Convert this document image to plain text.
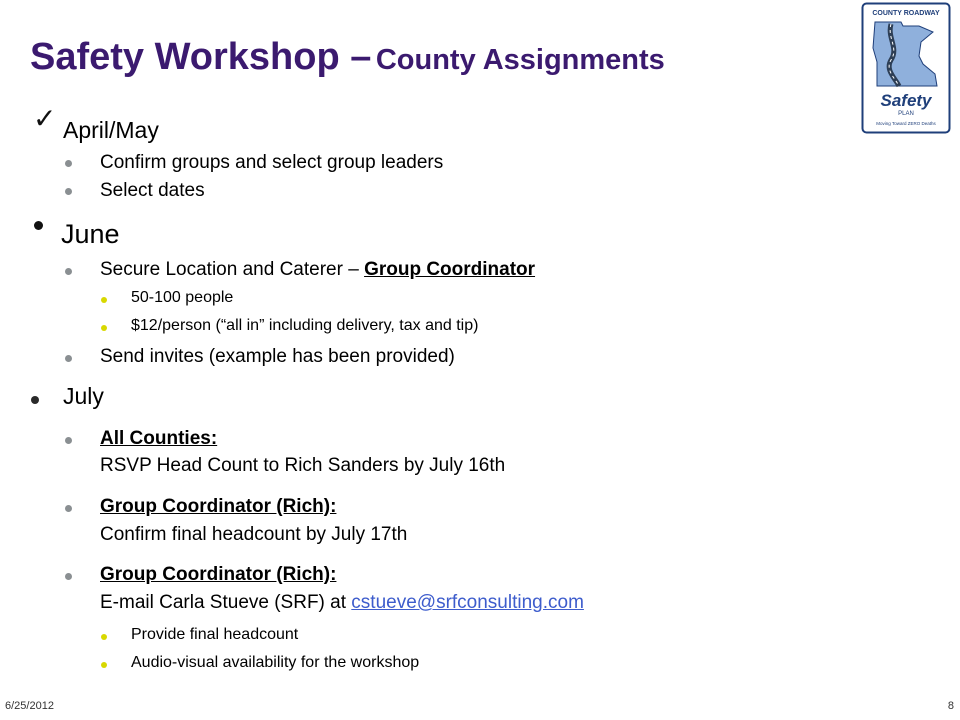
Safety Workshop – County Assignments
COUNTY ROADWAY
Safety
PLAN
Moving Toward ZERO Deaths
✓ April/May
Confirm groups and select group leaders
Select dates
June
Secure Location and Caterer – Group Coordinator
50-100 people
$12/person (“all in” including delivery, tax and tip)
Send invites (example has been provided)
July
All Counties:
RSVP Head Count to Rich Sanders by July 16th
Group Coordinator (Rich):
Confirm final headcount by July 17th
Group Coordinator (Rich):
E-mail Carla Stueve (SRF) at cstueve@srfconsulting.com
Provide final headcount
Audio-visual availability for the workshop
6/25/2012	8
